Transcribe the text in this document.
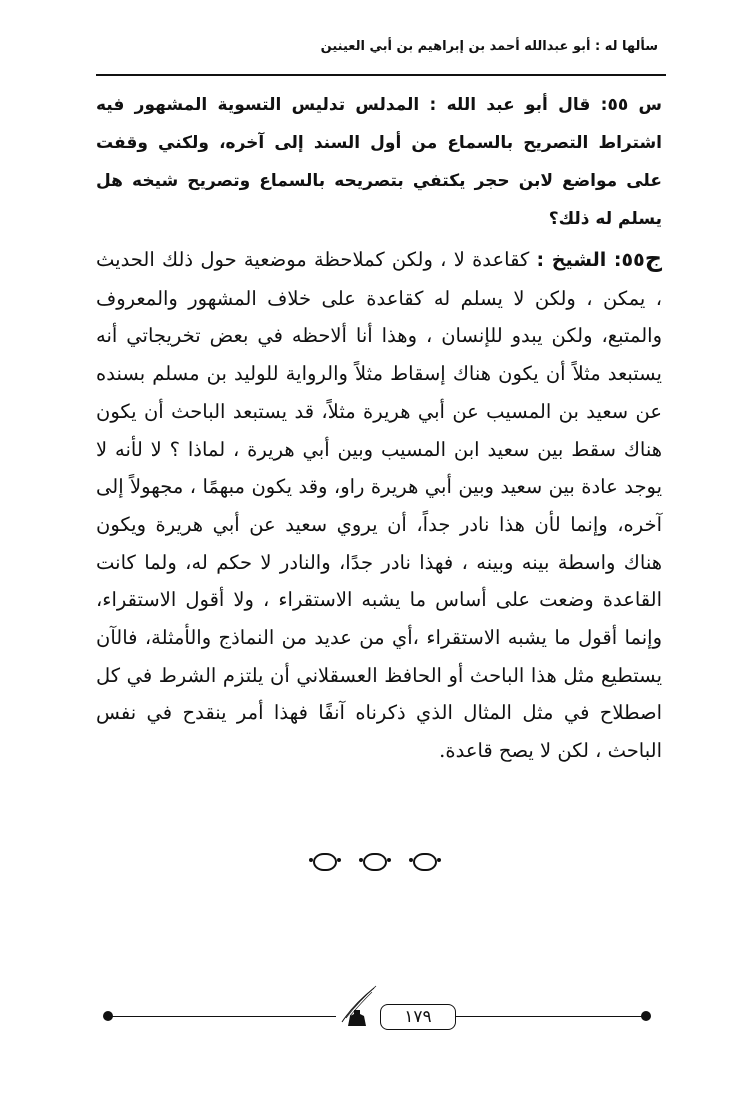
سألها له : أبو عبدالله أحمد بن إبراهيم بن أبي العينين
س ٥٥: قال أبو عبد الله : المدلس تدليس التسوية المشهور فيه اشتراط التصريح بالسماع من أول السند إلى آخره، ولكني وقفت على مواضع لابن حجر يكتفي بتصريحه بالسماع وتصريح شيخه هل يسلم له ذلك؟
ج٥٥: الشيخ : كقاعدة لا ، ولكن كملاحظة موضعية حول ذلك الحديث ، يمكن ، ولكن لا يسلم له كقاعدة على خلاف المشهور والمعروف والمتبع، ولكن يبدو للإنسان ، وهذا أنا ألاحظه في بعض تخريجاتي أنه يستبعد مثلاً أن يكون هناك إسقاط مثلاً والرواية للوليد بن مسلم بسنده عن سعيد بن المسيب عن أبي هريرة مثلاً، قد يستبعد الباحث أن يكون هناك سقط بين سعيد ابن المسيب وبين أبي هريرة ، لماذا ؟ لا لأنه لا يوجد عادة بين سعيد وبين أبي هريرة راو، وقد يكون مبهمًا ، مجهولاً إلى آخره، وإنما لأن هذا نادر جداً، أن يروي سعيد عن أبي هريرة ويكون هناك واسطة بينه وبينه ، فهذا نادر جدًا، والنادر لا حكم له، ولما كانت القاعدة وضعت على أساس ما يشبه الاستقراء ، ولا أقول الاستقراء، وإنما أقول ما يشبه الاستقراء ،أي من عديد من النماذج والأمثلة، فالآن يستطيع مثل هذا الباحث أو الحافظ العسقلاني أن يلتزم الشرط في كل اصطلاح في مثل المثال الذي ذكرناه آنفًا فهذا أمر ينقدح في نفس الباحث ، لكن لا يصح قاعدة.

١٧٩
